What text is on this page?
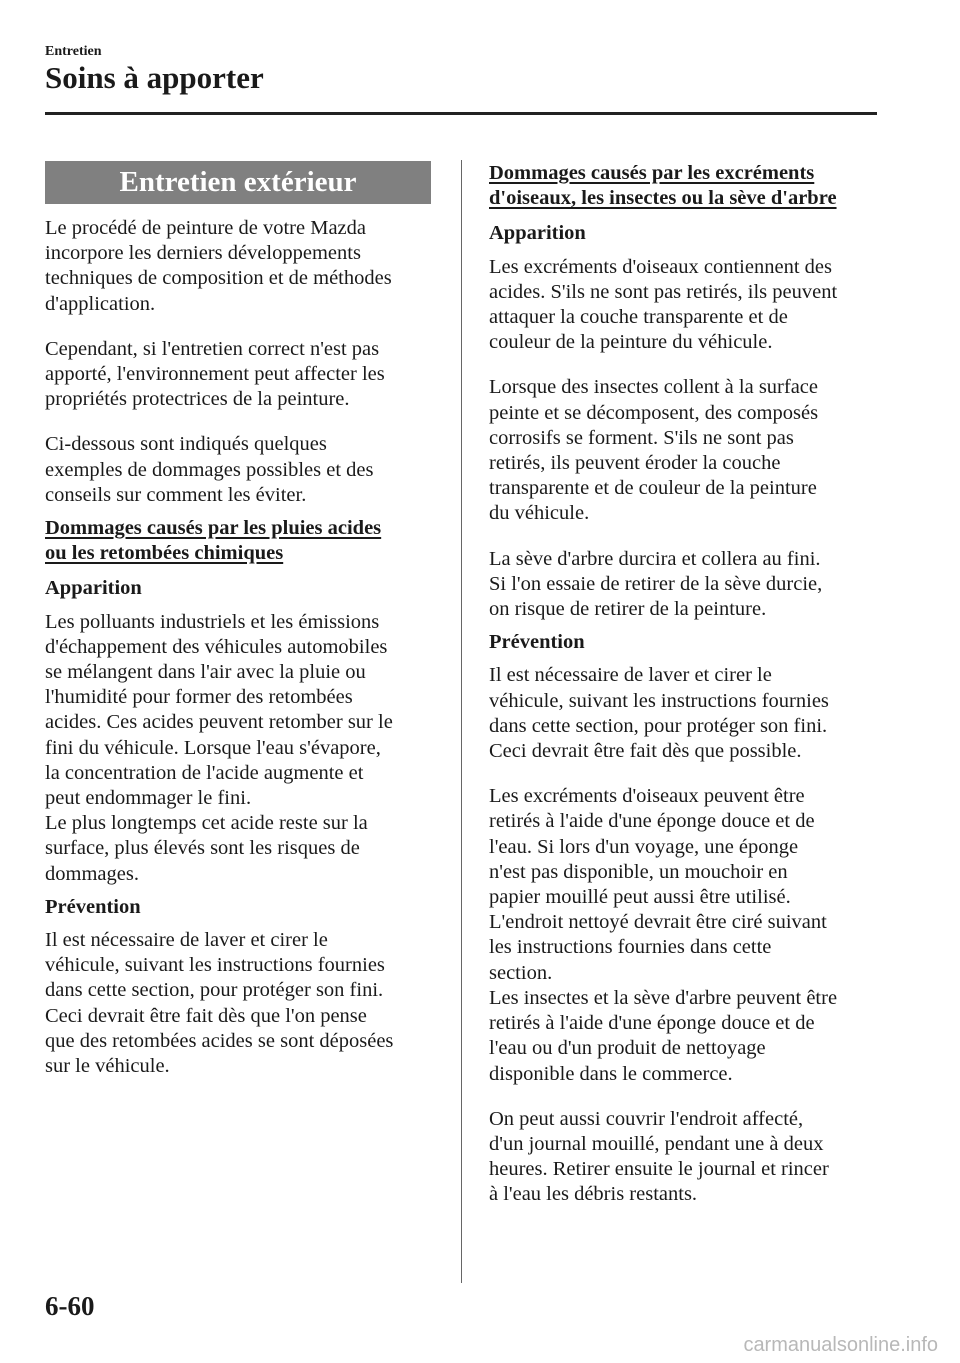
Entretien
Soins à apporter
Entretien extérieur

Le procédé de peinture de votre Mazda
incorpore les derniers développements
techniques de composition et de méthodes
d'application.

Cependant, si l'entretien correct n'est pas
apporté, l'environnement peut affecter les
propriétés protectrices de la peinture.

Ci-dessous sont indiqués quelques
exemples de dommages possibles et des
conseils sur comment les éviter.

Dommages causés par les pluies acides
ou les retombées chimiques
Apparition

Les polluants industriels et les émissions
d'échappement des véhicules automobiles
se mélangent dans l'air avec la pluie ou
l'humidité pour former des retombées
acides. Ces acides peuvent retomber sur le
fini du véhicule. Lorsque l'eau s'évapore,
la concentration de l'acide augmente et
peut endommager le fini.
Le plus longtemps cet acide reste sur la
surface, plus élevés sont les risques de
dommages.

Prévention

Il est nécessaire de laver et cirer le
véhicule, suivant les instructions fournies
dans cette section, pour protéger son fini.
Ceci devrait être fait dès que l'on pense
que des retombées acides se sont déposées
sur le véhicule.

Dommages causés par les excréments
d'oiseaux, les insectes ou la sève d'arbre
Apparition

Les excréments d'oiseaux contiennent des
acides. S'ils ne sont pas retirés, ils peuvent
attaquer la couche transparente et de
couleur de la peinture du véhicule.

Lorsque des insectes collent à la surface
peinte et se décomposent, des composés
corrosifs se forment. S'ils ne sont pas
retirés, ils peuvent éroder la couche
transparente et de couleur de la peinture
du véhicule.

La sève d'arbre durcira et collera au fini.
Si l'on essaie de retirer de la sève durcie,
on risque de retirer de la peinture.

Prévention

Il est nécessaire de laver et cirer le
véhicule, suivant les instructions fournies
dans cette section, pour protéger son fini.
Ceci devrait être fait dès que possible.

Les excréments d'oiseaux peuvent être
retirés à l'aide d'une éponge douce et de
l'eau. Si lors d'un voyage, une éponge
n'est pas disponible, un mouchoir en
papier mouillé peut aussi être utilisé.
L'endroit nettoyé devrait être ciré suivant
les instructions fournies dans cette
section.
Les insectes et la sève d'arbre peuvent être
retirés à l'aide d'une éponge douce et de
l'eau ou d'un produit de nettoyage
disponible dans le commerce.

On peut aussi couvrir l'endroit affecté,
d'un journal mouillé, pendant une à deux
heures. Retirer ensuite le journal et rincer
à l'eau les débris restants.

6-60
carmanualsonline.info
